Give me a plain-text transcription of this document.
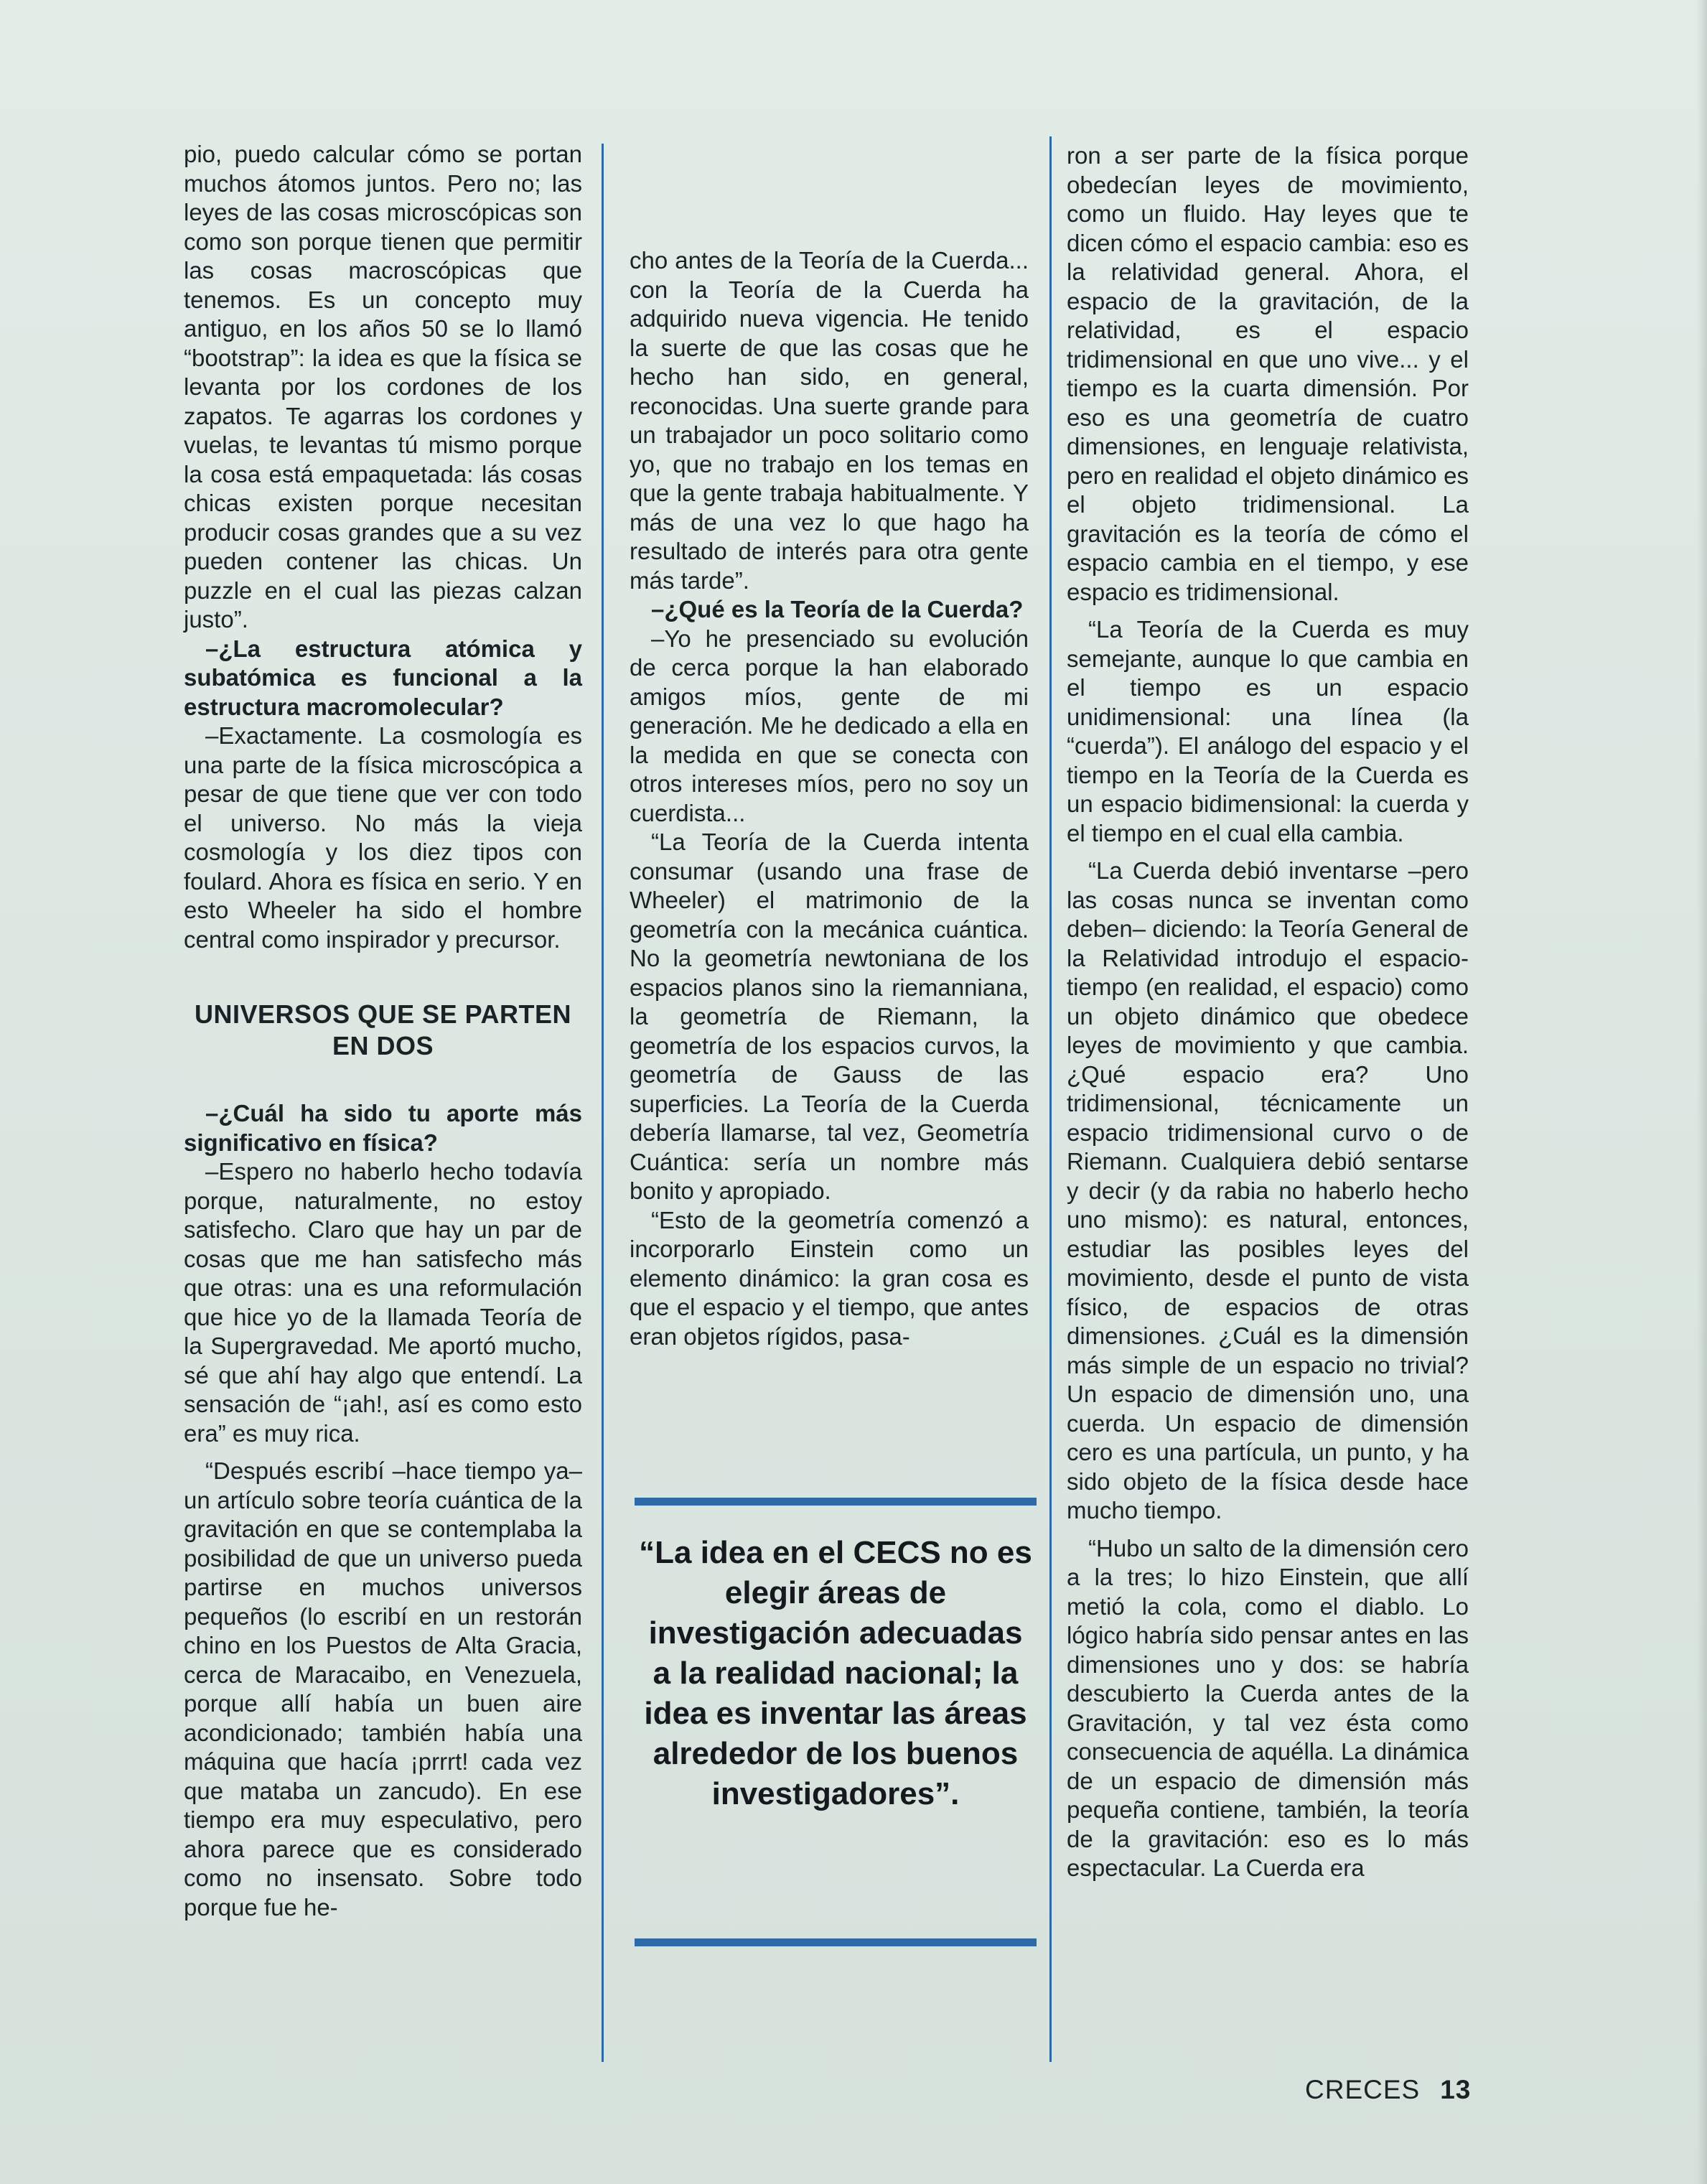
pio, puedo calcular cómo se portan muchos átomos juntos. Pero no; las leyes de las cosas microscópicas son como son porque tienen que permitir las cosas macroscópicas que tenemos. Es un concepto muy antiguo, en los años 50 se lo llamó “bootstrap”: la idea es que la física se levanta por los cordones de los zapatos. Te agarras los cordones y vuelas, te levantas tú mismo porque la cosa está empaquetada: lás cosas chicas existen porque necesitan producir cosas grandes que a su vez pueden contener las chicas. Un puzzle en el cual las piezas calzan justo”.

–¿La estructura atómica y subatómica es funcional a la estructura macromolecular?

–Exactamente. La cosmología es una parte de la física microscópica a pesar de que tiene que ver con todo el universo. No más la vieja cosmología y los diez tipos con foulard. Ahora es física en serio. Y en esto Wheeler ha sido el hombre central como inspirador y precursor.

UNIVERSOS QUE SE PARTEN EN DOS

–¿Cuál ha sido tu aporte más significativo en física?

–Espero no haberlo hecho todavía porque, naturalmente, no estoy satisfecho. Claro que hay un par de cosas que me han satisfecho más que otras: una es una reformulación que hice yo de la llamada Teoría de la Supergravedad. Me aportó mucho, sé que ahí hay algo que entendí. La sensación de “¡ah!, así es como esto era” es muy rica.

“Después escribí –hace tiempo ya– un artículo sobre teoría cuántica de la gravitación en que se contemplaba la posibilidad de que un universo pueda partirse en muchos universos pequeños (lo escribí en un restorán chino en los Puestos de Alta Gracia, cerca de Maracaibo, en Venezuela, porque allí había un buen aire acondicionado; también había una máquina que hacía ¡prrrt! cada vez que mataba un zancudo). En ese tiempo era muy especulativo, pero ahora parece que es considerado como no insensato. Sobre todo porque fue he-

cho antes de la Teoría de la Cuerda... con la Teoría de la Cuerda ha adquirido nueva vigencia. He tenido la suerte de que las cosas que he hecho han sido, en general, reconocidas. Una suerte grande para un trabajador un poco solitario como yo, que no trabajo en los temas en que la gente trabaja habitualmente. Y más de una vez lo que hago ha resultado de interés para otra gente más tarde”.

–¿Qué es la Teoría de la Cuerda?

–Yo he presenciado su evolución de cerca porque la han elaborado amigos míos, gente de mi generación. Me he dedicado a ella en la medida en que se conecta con otros intereses míos, pero no soy un cuerdista...

“La Teoría de la Cuerda intenta consumar (usando una frase de Wheeler) el matrimonio de la geometría con la mecánica cuántica. No la geometría newtoniana de los espacios planos sino la riemanniana, la geometría de Riemann, la geometría de los espacios curvos, la geometría de Gauss de las superficies. La Teoría de la Cuerda debería llamarse, tal vez, Geometría Cuántica: sería un nombre más bonito y apropiado.

“Esto de la geometría comenzó a incorporarlo Einstein como un elemento dinámico: la gran cosa es que el espacio y el tiempo, que antes eran objetos rígidos, pasa-

“La idea en el CECS no es elegir áreas de investigación adecuadas a la realidad nacional; la idea es inventar las áreas alrededor de los buenos investigadores”.

ron a ser parte de la física porque obedecían leyes de movimiento, como un fluido. Hay leyes que te dicen cómo el espacio cambia: eso es la relatividad general. Ahora, el espacio de la gravitación, de la relatividad, es el espacio tridimensional en que uno vive... y el tiempo es la cuarta dimensión. Por eso es una geometría de cuatro dimensiones, en lenguaje relativista, pero en realidad el objeto dinámico es el objeto tridimensional. La gravitación es la teoría de cómo el espacio cambia en el tiempo, y ese espacio es tridimensional.

“La Teoría de la Cuerda es muy semejante, aunque lo que cambia en el tiempo es un espacio unidimensional: una línea (la “cuerda”). El análogo del espacio y el tiempo en la Teoría de la Cuerda es un espacio bidimensional: la cuerda y el tiempo en el cual ella cambia.

“La Cuerda debió inventarse –pero las cosas nunca se inventan como deben– diciendo: la Teoría General de la Relatividad introdujo el espacio-tiempo (en realidad, el espacio) como un objeto dinámico que obedece leyes de movimiento y que cambia. ¿Qué espacio era? Uno tridimensional, técnicamente un espacio tridimensional curvo o de Riemann. Cualquiera debió sentarse y decir (y da rabia no haberlo hecho uno mismo): es natural, entonces, estudiar las posibles leyes del movimiento, desde el punto de vista físico, de espacios de otras dimensiones. ¿Cuál es la dimensión más simple de un espacio no trivial? Un espacio de dimensión uno, una cuerda. Un espacio de dimensión cero es una partícula, un punto, y ha sido objeto de la física desde hace mucho tiempo.

“Hubo un salto de la dimensión cero a la tres; lo hizo Einstein, que allí metió la cola, como el diablo. Lo lógico habría sido pensar antes en las dimensiones uno y dos: se habría descubierto la Cuerda antes de la Gravitación, y tal vez ésta como consecuencia de aquélla. La dinámica de un espacio de dimensión más pequeña contiene, también, la teoría de la gravitación: eso es lo más espectacular. La Cuerda era

CRECES 13
